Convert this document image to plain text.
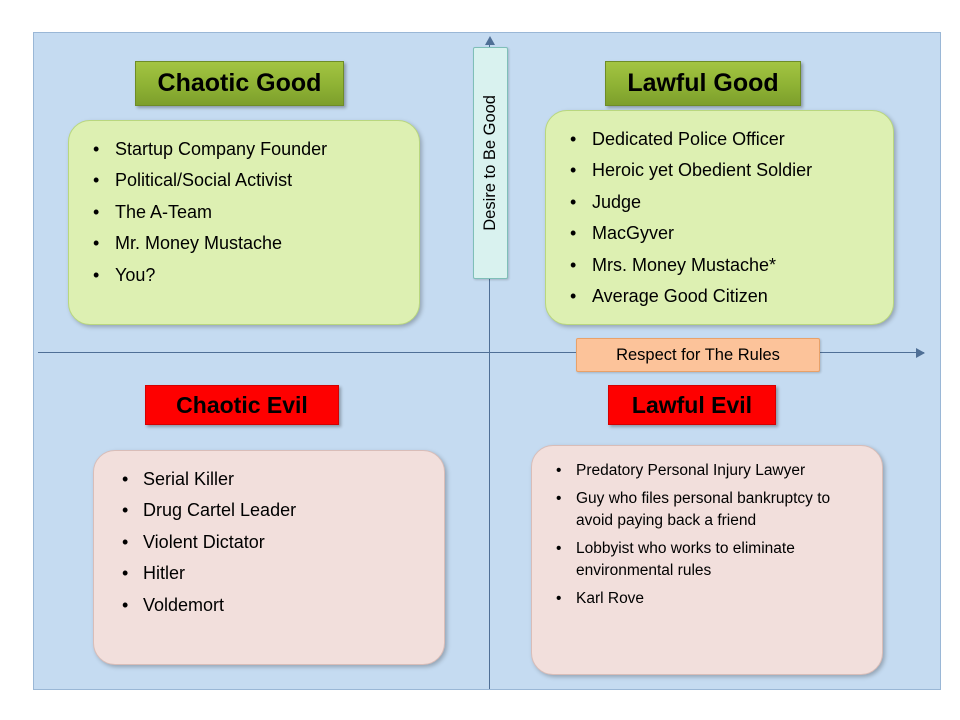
Desire to Be Good
Respect for The Rules
Chaotic Good
• Startup Company Founder
• Political/Social Activist
• The A-Team
• Mr. Money Mustache
• You?
Lawful Good
• Dedicated Police Officer
• Heroic yet Obedient Soldier
• Judge
• MacGyver
• Mrs. Money Mustache*
• Average Good Citizen
Chaotic Evil
• Serial Killer
• Drug Cartel Leader
• Violent Dictator
• Hitler
• Voldemort
Lawful Evil
• Predatory Personal Injury Lawyer
• Guy who files personal bankruptcy to avoid paying back a friend
• Lobbyist who works to eliminate environmental rules
• Karl Rove
